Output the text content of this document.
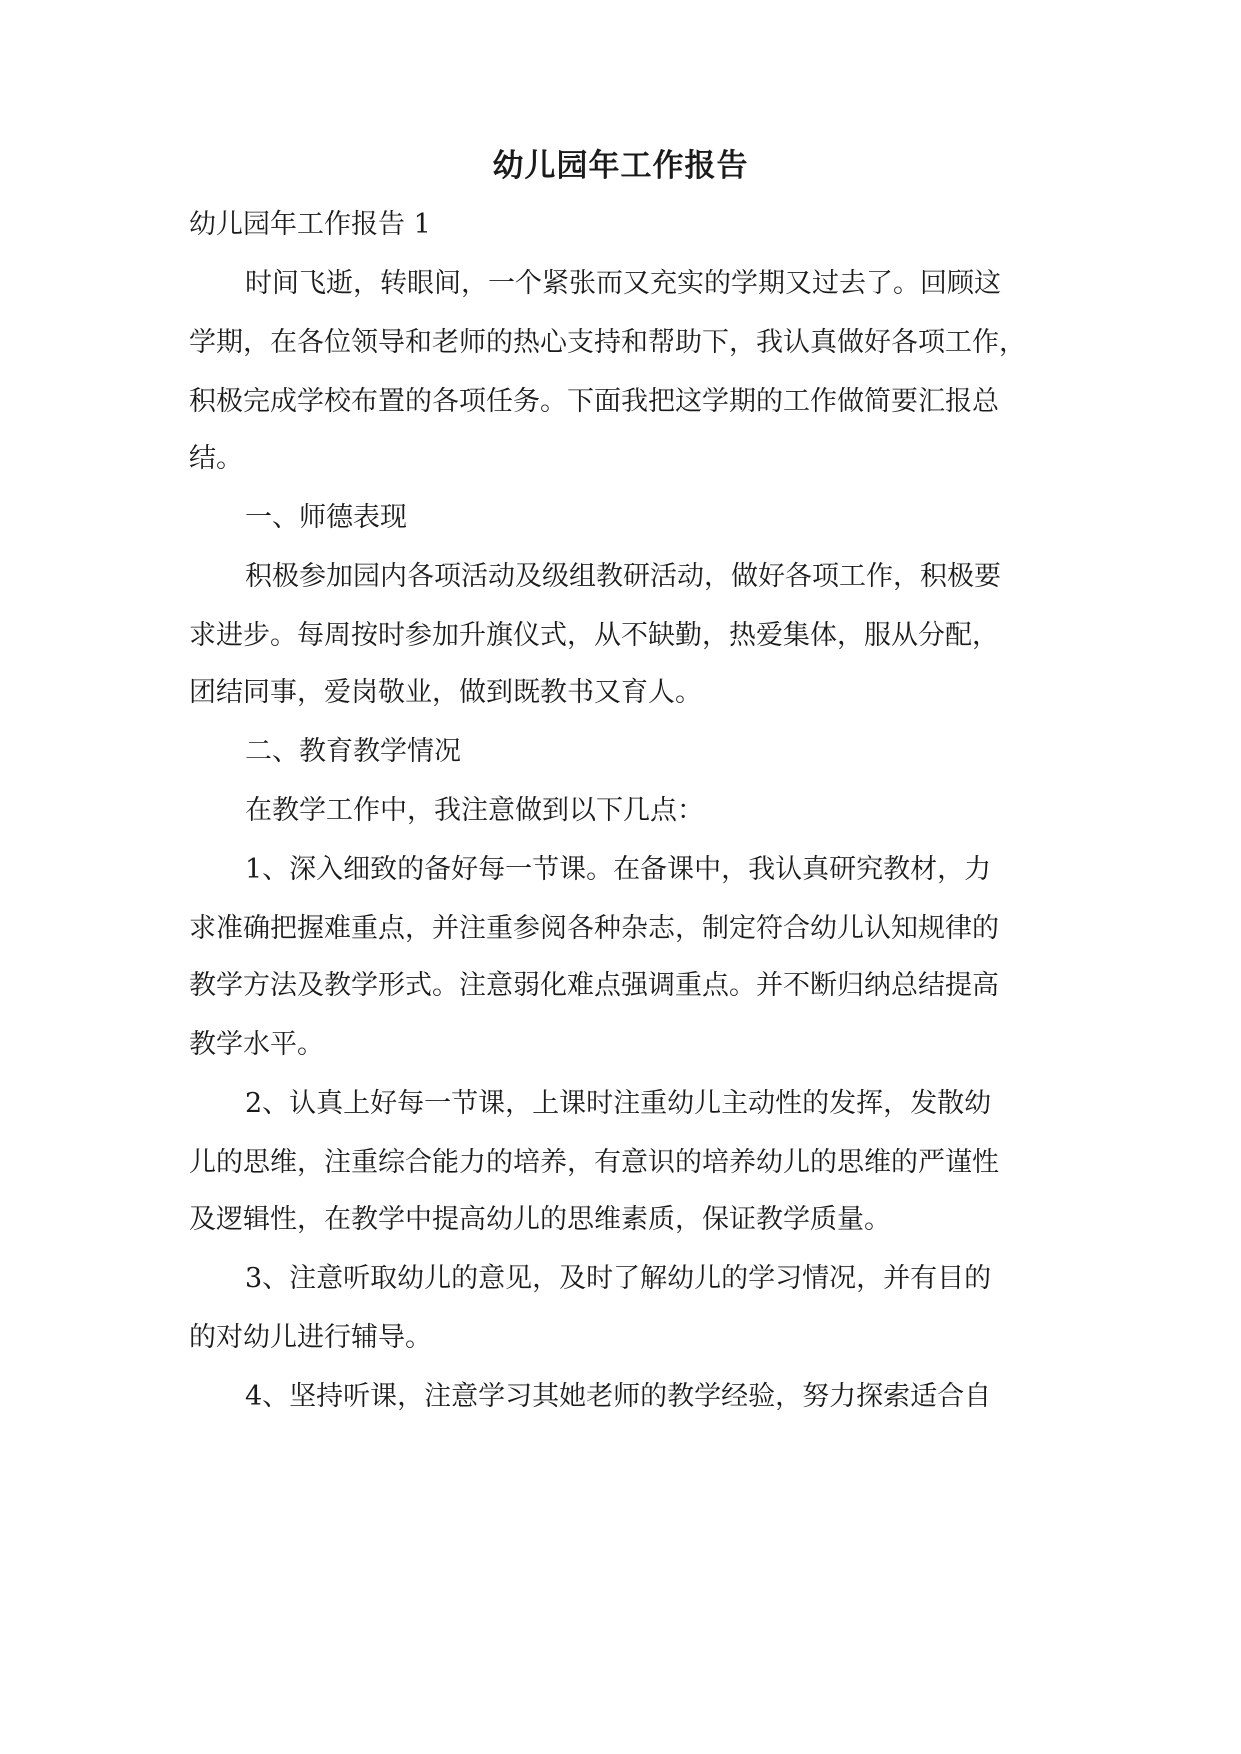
幼儿园年工作报告
幼儿园年工作报告 1
时间飞逝，转眼间，一个紧张而又充实的学期又过去了。回顾这
学期，在各位领导和老师的热心支持和帮助下，我认真做好各项工作，
积极完成学校布置的各项任务。下面我把这学期的工作做简要汇报总
结。
一、师德表现
积极参加园内各项活动及级组教研活动，做好各项工作，积极要
求进步。每周按时参加升旗仪式，从不缺勤，热爱集体，服从分配，
团结同事，爱岗敬业，做到既教书又育人。
二、教育教学情况
在教学工作中，我注意做到以下几点：
1、深入细致的备好每一节课。在备课中，我认真研究教材，力
求准确把握难重点，并注重参阅各种杂志，制定符合幼儿认知规律的
教学方法及教学形式。注意弱化难点强调重点。并不断归纳总结提高
教学水平。
2、认真上好每一节课，上课时注重幼儿主动性的发挥，发散幼
儿的思维，注重综合能力的培养，有意识的培养幼儿的思维的严谨性
及逻辑性，在教学中提高幼儿的思维素质，保证教学质量。
3、注意听取幼儿的意见，及时了解幼儿的学习情况，并有目的
的对幼儿进行辅导。
4、坚持听课，注意学习其她老师的教学经验，努力探索适合自
